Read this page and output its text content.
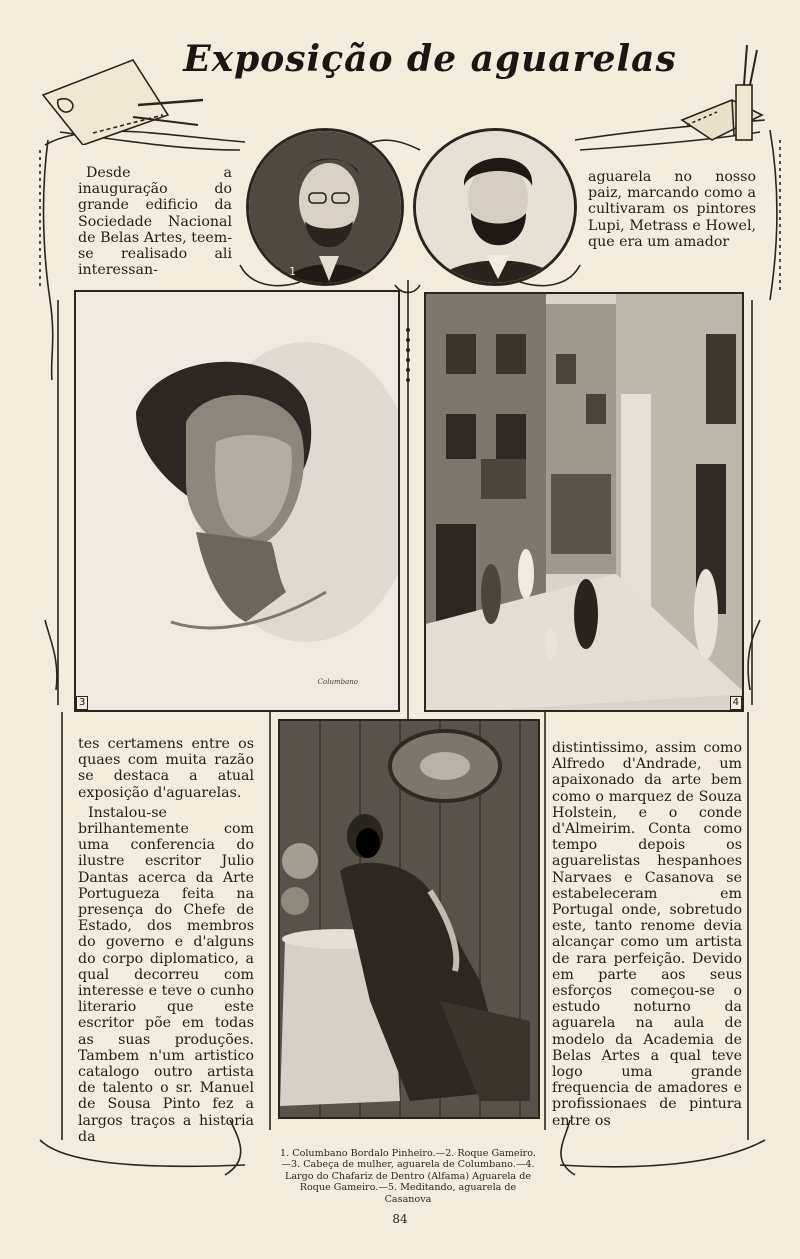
Exposição de aguarelas

Desde a inauguração do grande edificio da Sociedade Nacional de Belas Artes, teem-se realisado ali interessan-	1	2

aguarela no nosso paiz, marcando como a cultivaram os pintores Lupi, Metrass e Howel, que era um amador

3
Columbano
4

tes certamens entre os quaes com muita razão se destaca a atual exposição d'aguarelas.

Instalou-se brilhantemente com uma conferencia do ilustre escritor Julio Dantas acerca da Arte Portugueza feita na presença do Chefe de Estado, dos membros do governo e d'alguns do corpo diplomatico, a qual decorreu com interesse e teve o cunho literario que este escritor põe em todas as suas produções. Tambem n'um artistico catalogo outro artista de talento o sr. Manuel de Sousa Pinto fez a largos traços a historia da

distintissimo, assim como Alfredo d'Andrade, um apaixonado da arte bem como o marquez de Souza Holstein, e o conde d'Almeirim. Conta como tempo depois os aguarelistas hespanhoes Narvaes e Casanova se estabeleceram em Portugal onde, sobretudo este, tanto renome devia alcançar como um artista de rara perfeição. Devido em parte aos seus esforços começou-se o estudo noturno da aguarela na aula de modelo da Academia de Belas Artes a qual teve logo uma grande frequencia de amadores e profissionaes de pintura entre os

1. Columbano Bordalo Pinheiro.—2. Roque Gameiro.—3. Cabeça de mulher, aguarela de Columbano.—4. Largo do Chafariz de Dentro (Alfama) Aguarela de Roque Gameiro.—5. Meditando, aguarela de Casanova
84
